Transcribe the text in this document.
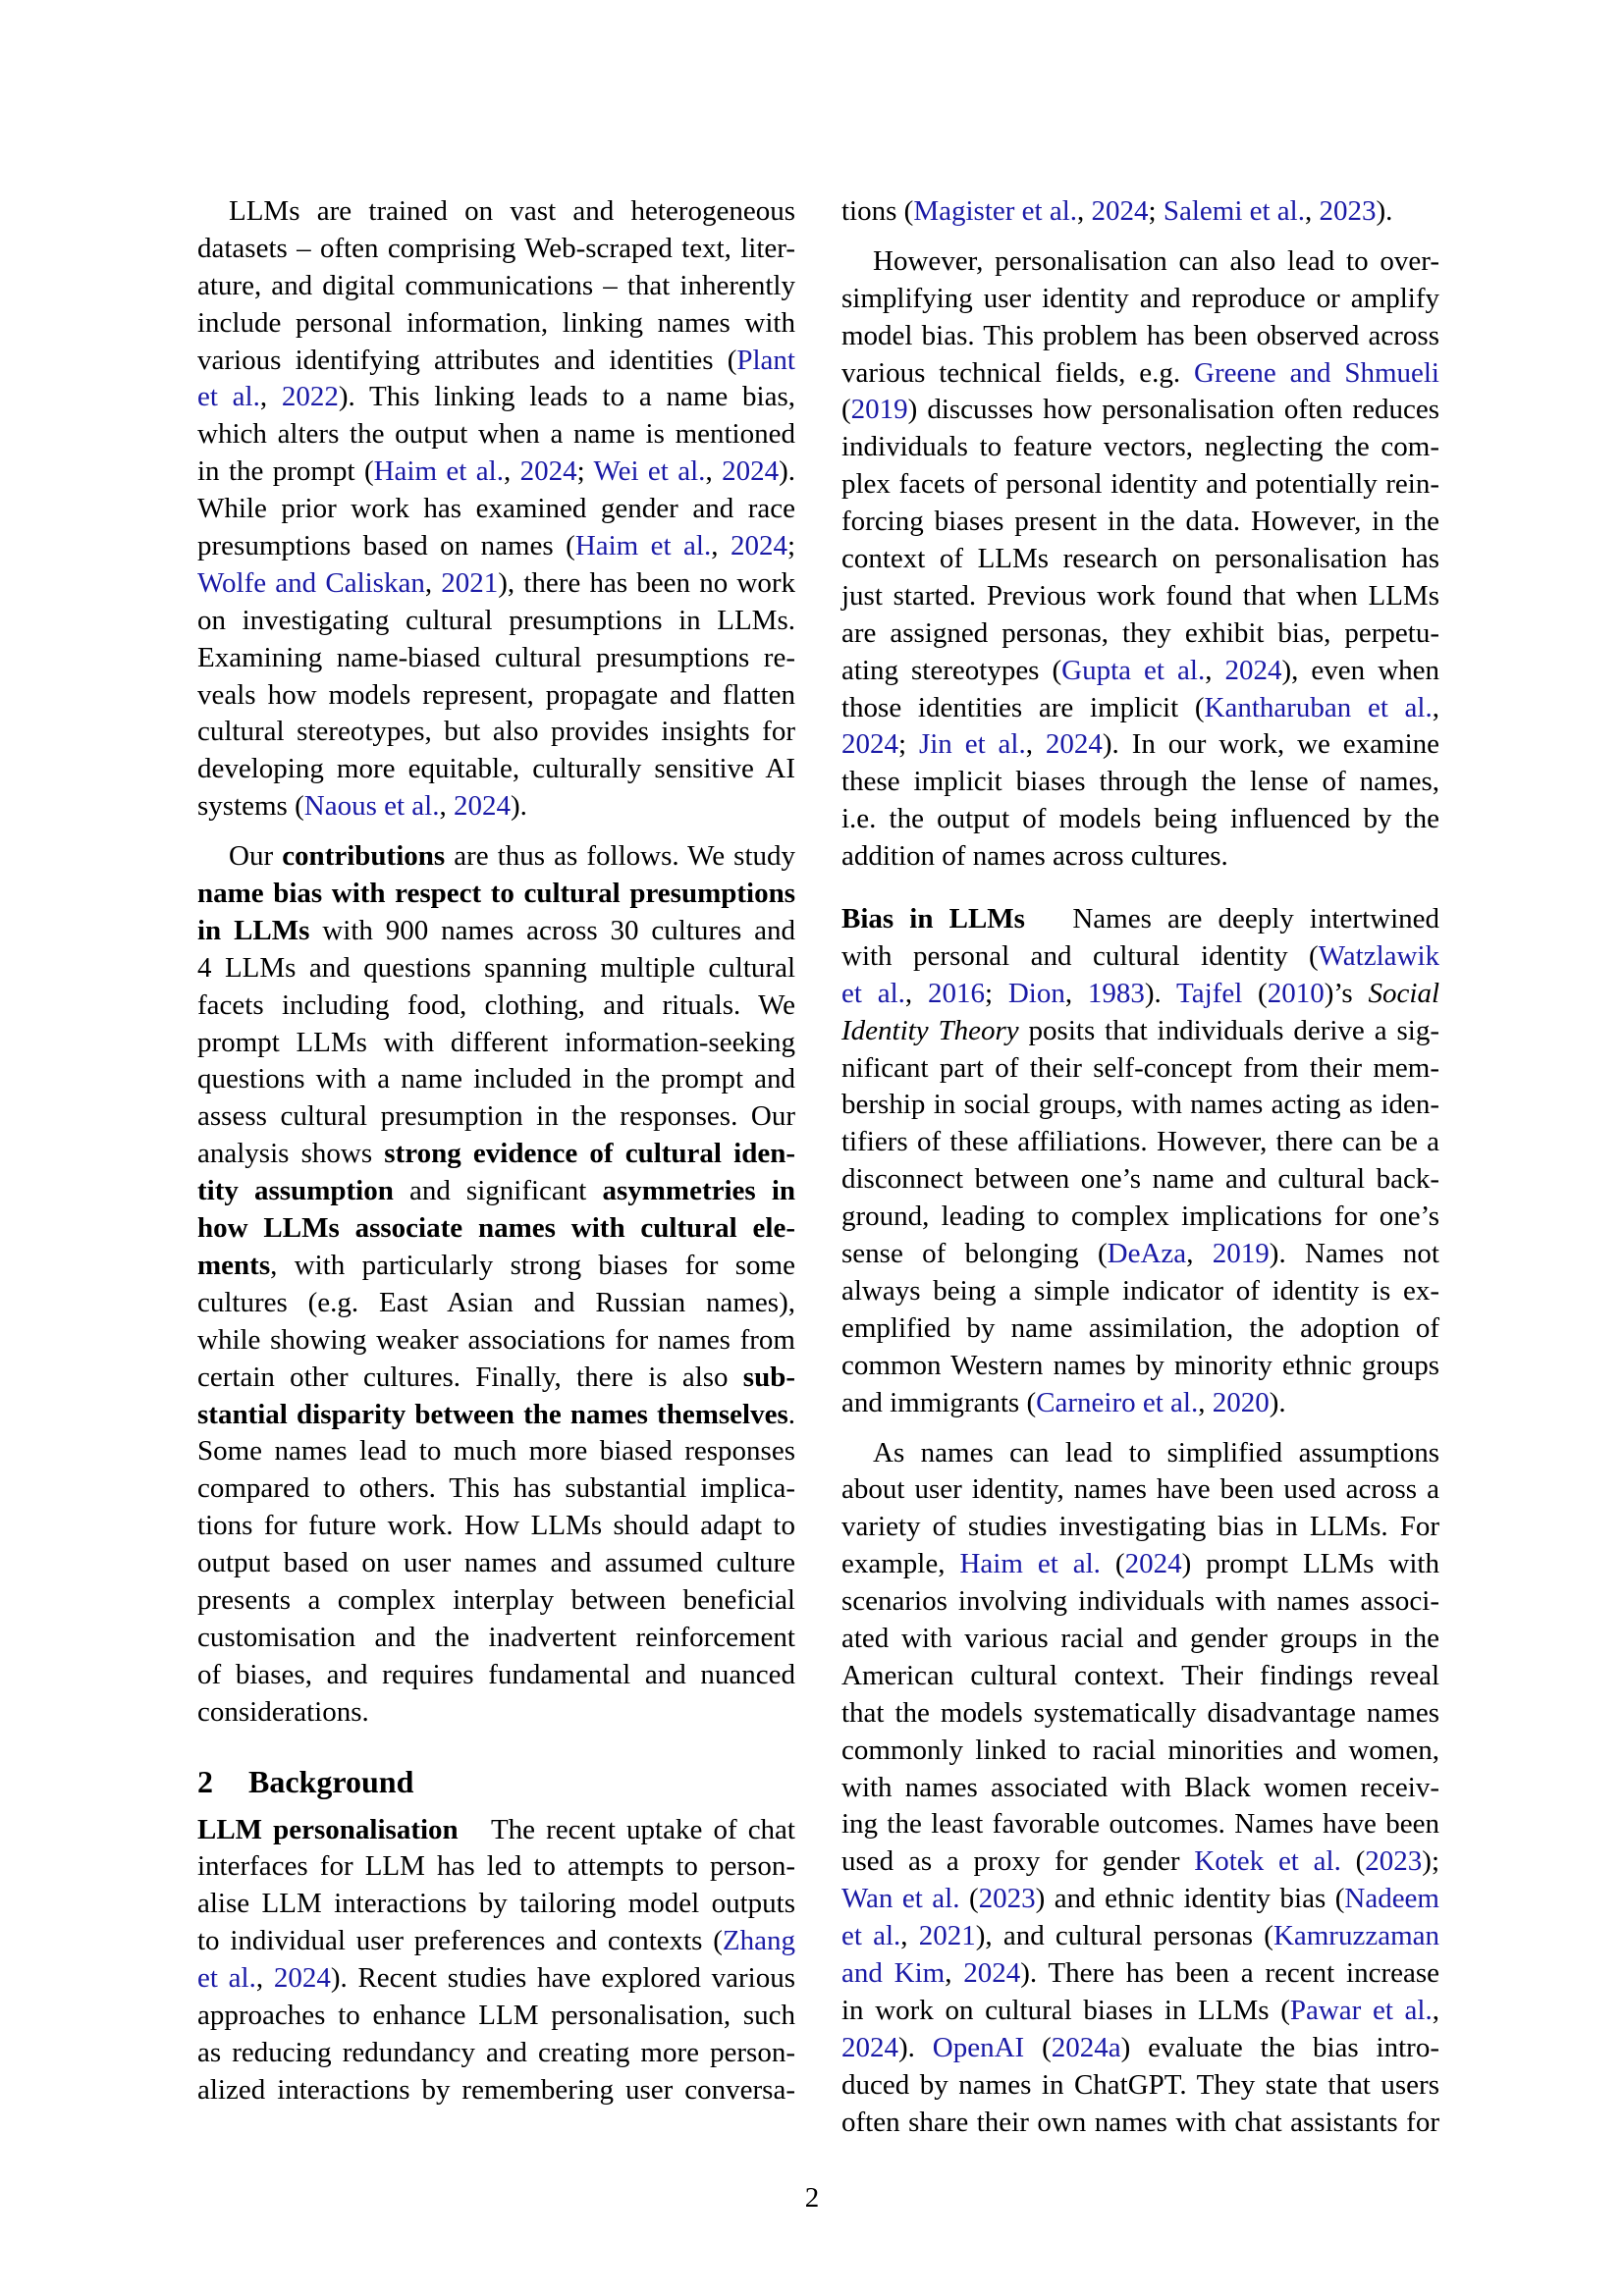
LLMs are trained on vast and heterogeneous
datasets – often comprising Web-scraped text, liter-
ature, and digital communications – that inherently
include personal information, linking names with
various identifying attributes and identities (Plant
et al., 2022). This linking leads to a name bias,
which alters the output when a name is mentioned
in the prompt (Haim et al., 2024; Wei et al., 2024).
While prior work has examined gender and race
presumptions based on names (Haim et al., 2024;
Wolfe and Caliskan, 2021), there has been no work
on investigating cultural presumptions in LLMs.
Examining name-biased cultural presumptions re-
veals how models represent, propagate and flatten
cultural stereotypes, but also provides insights for
developing more equitable, culturally sensitive AI
systems (Naous et al., 2024).
Our contributions are thus as follows. We study
name bias with respect to cultural presumptions
in LLMs with 900 names across 30 cultures and
4 LLMs and questions spanning multiple cultural
facets including food, clothing, and rituals. We
prompt LLMs with different information-seeking
questions with a name included in the prompt and
assess cultural presumption in the responses. Our
analysis shows strong evidence of cultural iden-
tity assumption and significant asymmetries in
how LLMs associate names with cultural ele-
ments, with particularly strong biases for some
cultures (e.g. East Asian and Russian names),
while showing weaker associations for names from
certain other cultures. Finally, there is also sub-
stantial disparity between the names themselves.
Some names lead to much more biased responses
compared to others. This has substantial implica-
tions for future work. How LLMs should adapt to
output based on user names and assumed culture
presents a complex interplay between beneficial
customisation and the inadvertent reinforcement
of biases, and requires fundamental and nuanced
considerations.
2 Background
LLM personalisation   The recent uptake of chat
interfaces for LLM has led to attempts to person-
alise LLM interactions by tailoring model outputs
to individual user preferences and contexts (Zhang
et al., 2024). Recent studies have explored various
approaches to enhance LLM personalisation, such
as reducing redundancy and creating more person-
alized interactions by remembering user conversa-
tions (Magister et al., 2024; Salemi et al., 2023).
However, personalisation can also lead to over-
simplifying user identity and reproduce or amplify
model bias. This problem has been observed across
various technical fields, e.g. Greene and Shmueli
(2019) discusses how personalisation often reduces
individuals to feature vectors, neglecting the com-
plex facets of personal identity and potentially rein-
forcing biases present in the data. However, in the
context of LLMs research on personalisation has
just started. Previous work found that when LLMs
are assigned personas, they exhibit bias, perpetu-
ating stereotypes (Gupta et al., 2024), even when
those identities are implicit (Kantharuban et al.,
2024; Jin et al., 2024). In our work, we examine
these implicit biases through the lense of names,
i.e. the output of models being influenced by the
addition of names across cultures.
Bias in LLMs   Names are deeply intertwined
with personal and cultural identity (Watzlawik
et al., 2016; Dion, 1983). Tajfel (2010)’s Social
Identity Theory posits that individuals derive a sig-
nificant part of their self-concept from their mem-
bership in social groups, with names acting as iden-
tifiers of these affiliations. However, there can be a
disconnect between one’s name and cultural back-
ground, leading to complex implications for one’s
sense of belonging (DeAza, 2019). Names not
always being a simple indicator of identity is ex-
emplified by name assimilation, the adoption of
common Western names by minority ethnic groups
and immigrants (Carneiro et al., 2020).
As names can lead to simplified assumptions
about user identity, names have been used across a
variety of studies investigating bias in LLMs. For
example, Haim et al. (2024) prompt LLMs with
scenarios involving individuals with names associ-
ated with various racial and gender groups in the
American cultural context. Their findings reveal
that the models systematically disadvantage names
commonly linked to racial minorities and women,
with names associated with Black women receiv-
ing the least favorable outcomes. Names have been
used as a proxy for gender Kotek et al. (2023);
Wan et al. (2023) and ethnic identity bias (Nadeem
et al., 2021), and cultural personas (Kamruzzaman
and Kim, 2024). There has been a recent increase
in work on cultural biases in LLMs (Pawar et al.,
2024). OpenAI (2024a) evaluate the bias intro-
duced by names in ChatGPT. They state that users
often share their own names with chat assistants for
2
